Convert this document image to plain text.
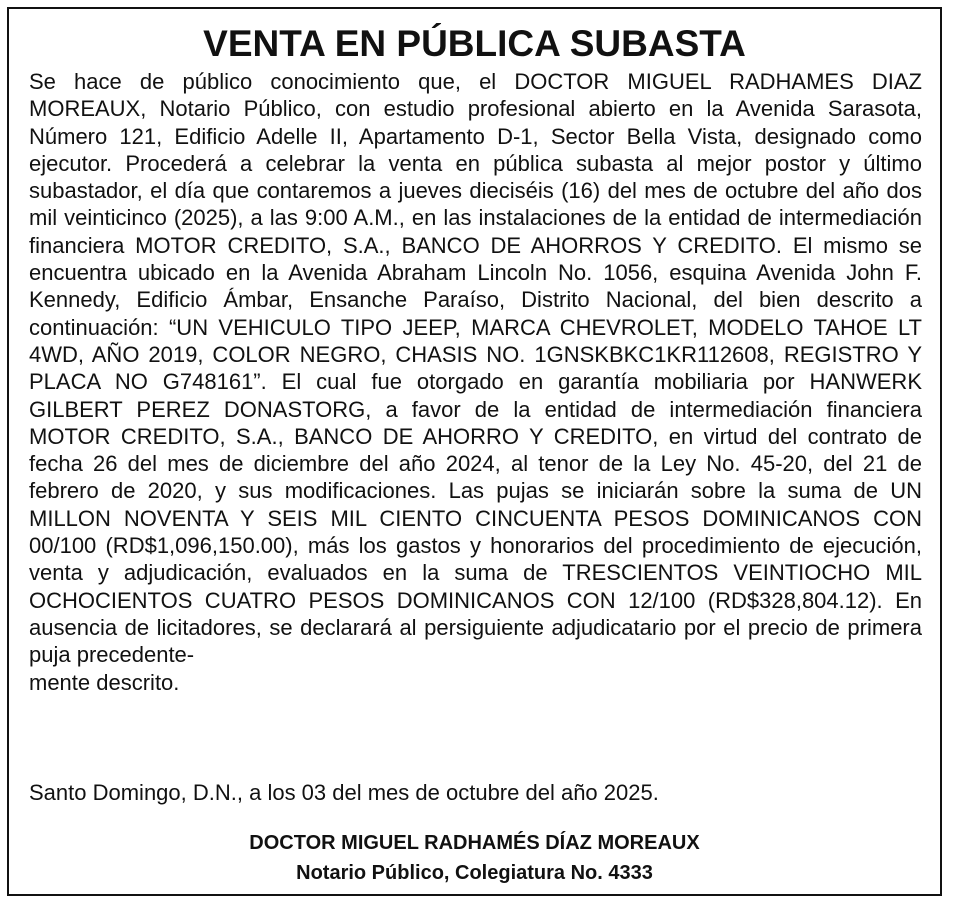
VENTA EN PÚBLICA SUBASTA

Se hace de público conocimiento que, el DOCTOR MIGUEL RADHAMES DIAZ MOREAUX, Notario Público, con estudio profesional abierto en la Avenida Sarasota, Número 121, Edificio Adelle II, Apartamento D-1, Sector Bella Vista, designado como ejecutor. Procederá a celebrar la venta en pública subasta al mejor postor y último subastador, el día que contaremos a jueves dieciséis (16) del mes de octubre del año dos mil veinticinco (2025), a las 9:00 A.M., en las instalaciones de la entidad de intermediación financiera MOTOR CREDITO, S.A., BANCO DE AHORROS Y CREDITO. El mismo se encuentra ubicado en la Avenida Abraham Lincoln No. 1056, esquina Avenida John F. Kennedy, Edificio Ámbar, Ensanche Paraíso, Distrito Nacional, del bien descrito a continuación: “UN VEHICULO TIPO JEEP, MARCA CHEVROLET, MODELO TAHOE LT 4WD, AÑO 2019, COLOR NEGRO, CHASIS NO. 1GNSKBKC1KR112608, REGISTRO Y PLACA NO G748161”. El cual fue otorgado en garantía mobiliaria por HANWERK GILBERT PEREZ DONASTORG, a favor de la entidad de intermediación financiera MOTOR CREDITO, S.A., BANCO DE AHORRO Y CREDITO, en virtud del contrato de fecha 26 del mes de diciembre del año 2024, al tenor de la Ley No. 45-20, del 21 de febrero de 2020, y sus modificaciones. Las pujas se iniciarán sobre la suma de UN MILLON NOVENTA Y SEIS MIL CIENTO CINCUENTA PESOS DOMINICANOS CON 00/100 (RD$1,096,150.00), más los gastos y honorarios del procedimiento de ejecución, venta y adjudicación, evaluados en la suma de TRESCIENTOS VEINTIOCHO MIL OCHOCIENTOS CUATRO PESOS DOMINICANOS CON 12/100 (RD$328,804.12). En ausencia de licitadores, se declarará al persiguiente adjudicatario por el precio de primera puja precedente-
mente descrito.

Santo Domingo, D.N., a los 03 del mes de octubre del año 2025.

DOCTOR MIGUEL RADHAMÉS DÍAZ MOREAUX
Notario Público, Colegiatura No. 4333
